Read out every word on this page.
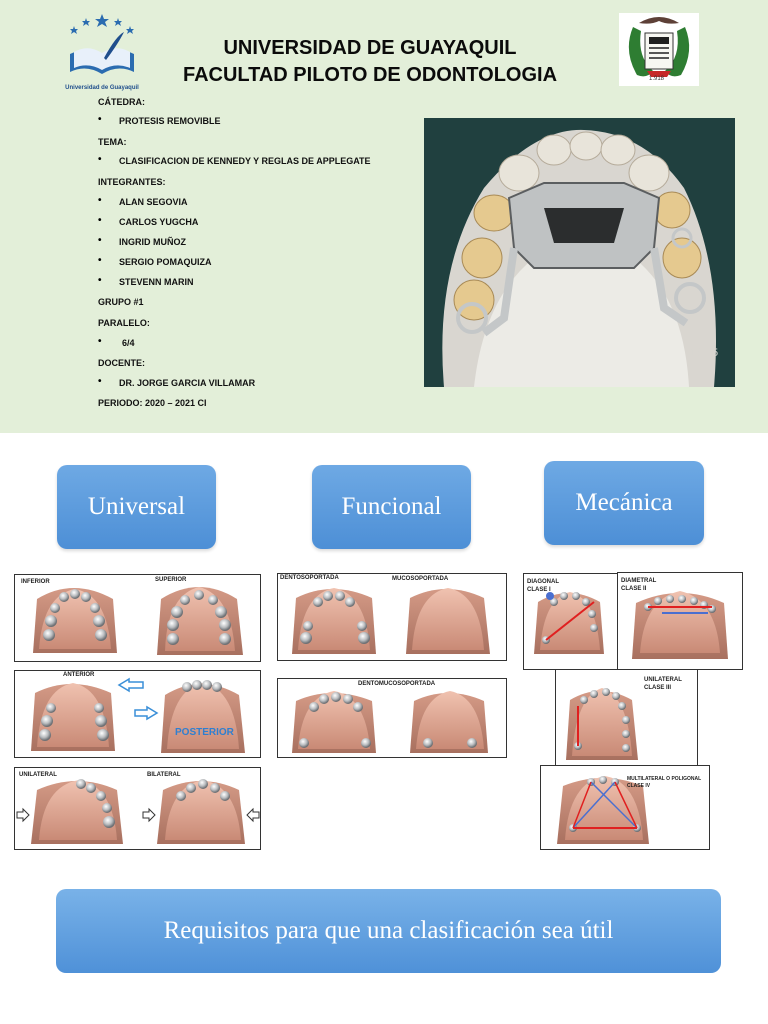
Universidad de Guayaquil
UNIVERSIDAD DE GUAYAQUIL
FACULTAD PILOTO DE ODONTOLOGIA	1.918
CÁTEDRA:
• PROTESIS REMOVIBLE
TEMA:
• CLASIFICACION DE KENNEDY Y REGLAS DE APPLEGATE
INTEGRANTES:
• ALAN SEGOVIA
• CARLOS YUGCHA
• INGRID MUÑOZ
• SERGIO POMAQUIZA
• STEVENN MARIN
GRUPO #1
PARALELO:
• 6/4
DOCENTE:
• DR. JORGE GARCIA VILLAMAR
PERIODO: 2020 – 2021 CI
18 - 5
Universal	Funcional	Mecánica
INFERIOR	SUPERIOR
ANTERIOR
POSTERIOR
UNILATERAL	BILATERAL
DENTOSOPORTADA	MUCOSOPORTADA
DENTOMUCOSOPORTADA
DIAGONAL
CLASE I
DIAMETRAL
CLASE II
UNILATERAL
CLASE III
MULTILATERAL O POLIGONAL
CLASE IV
Requisitos para que una clasificación sea útil
